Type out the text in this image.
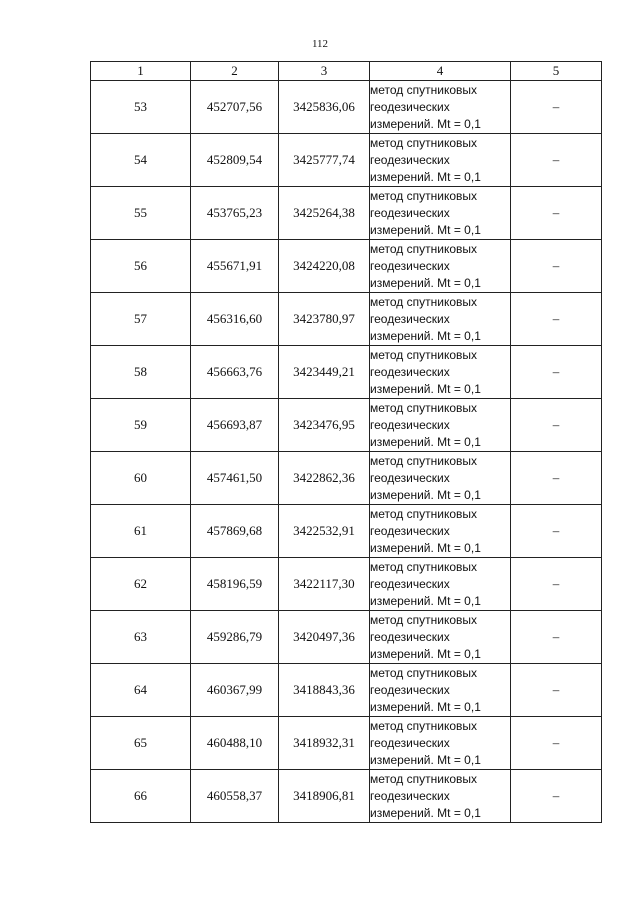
112
1	2	3	4	5
53	452707,56	3425836,06	метод спутниковых
геодезических
измерений. Mt = 0,1	–
54	452809,54	3425777,74	метод спутниковых
геодезических
измерений. Mt = 0,1	–
55	453765,23	3425264,38	метод спутниковых
геодезических
измерений. Mt = 0,1	–
56	455671,91	3424220,08	метод спутниковых
геодезических
измерений. Mt = 0,1	–
57	456316,60	3423780,97	метод спутниковых
геодезических
измерений. Mt = 0,1	–
58	456663,76	3423449,21	метод спутниковых
геодезических
измерений. Mt = 0,1	–
59	456693,87	3423476,95	метод спутниковых
геодезических
измерений. Mt = 0,1	–
60	457461,50	3422862,36	метод спутниковых
геодезических
измерений. Mt = 0,1	–
61	457869,68	3422532,91	метод спутниковых
геодезических
измерений. Mt = 0,1	–
62	458196,59	3422117,30	метод спутниковых
геодезических
измерений. Mt = 0,1	–
63	459286,79	3420497,36	метод спутниковых
геодезических
измерений. Mt = 0,1	–
64	460367,99	3418843,36	метод спутниковых
геодезических
измерений. Mt = 0,1	–
65	460488,10	3418932,31	метод спутниковых
геодезических
измерений. Mt = 0,1	–
66	460558,37	3418906,81	метод спутниковых
геодезических
измерений. Mt = 0,1	–
